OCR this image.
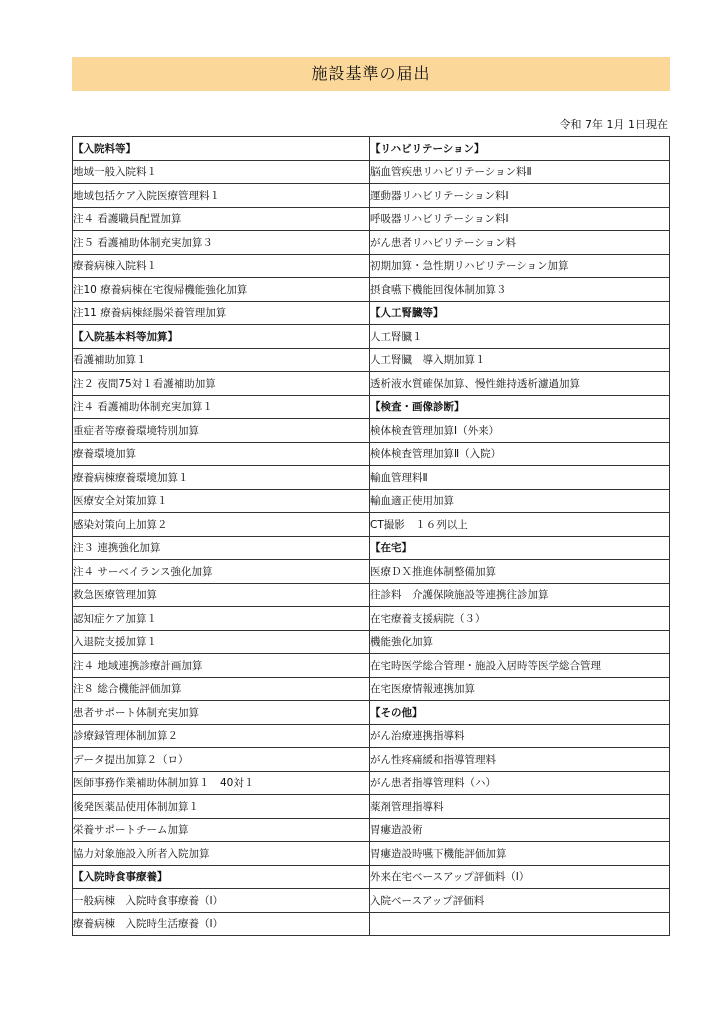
施設基準の届出
令和 7年 1月 1日現在
【入院料等】	【リハビリテーション】
地域一般入院料１	脳血管疾患リハビリテーション料Ⅱ
地域包括ケア入院医療管理料１	運動器リハビリテーション料Ⅰ
注４ 看護職員配置加算	呼吸器リハビリテーション料Ⅰ
注５ 看護補助体制充実加算３	がん患者リハビリテーション料
療養病棟入院料１	初期加算・急性期リハビリテーション加算
注10 療養病棟在宅復帰機能強化加算	摂食嚥下機能回復体制加算３
注11 療養病棟経腸栄養管理加算	【人工腎臓等】
【入院基本料等加算】	人工腎臓１
看護補助加算１	人工腎臓　導入期加算１
注２ 夜間75対１看護補助加算	透析液水質確保加算、慢性維持透析濾過加算
注４ 看護補助体制充実加算１	【検査・画像診断】
重症者等療養環境特別加算	検体検査管理加算Ⅰ（外来）
療養環境加算	検体検査管理加算Ⅱ（入院）
療養病棟療養環境加算１	輸血管理料Ⅱ
医療安全対策加算１	輸血適正使用加算
感染対策向上加算２	CT撮影　１６列以上
注３ 連携強化加算	【在宅】
注４ サーベイランス強化加算	医療ＤＸ推進体制整備加算
救急医療管理加算	往診料　介護保険施設等連携往診加算
認知症ケア加算１	在宅療養支援病院（３）
入退院支援加算１	機能強化加算
注４ 地域連携診療計画加算	在宅時医学総合管理・施設入居時等医学総合管理
注８ 総合機能評価加算	在宅医療情報連携加算
患者サポート体制充実加算	【その他】
診療録管理体制加算２	がん治療連携指導料
データ提出加算２（ロ）	がん性疼痛緩和指導管理料
医師事務作業補助体制加算１　40対１	がん患者指導管理料（ハ）
後発医薬品使用体制加算１	薬剤管理指導料
栄養サポートチーム加算	胃瘻造設術
協力対象施設入所者入院加算	胃瘻造設時嚥下機能評価加算
【入院時食事療養】	外来在宅ベースアップ評価料（Ⅰ）
一般病棟　入院時食事療養（Ⅰ）	入院ベースアップ評価料
療養病棟　入院時生活療養（Ⅰ）	
